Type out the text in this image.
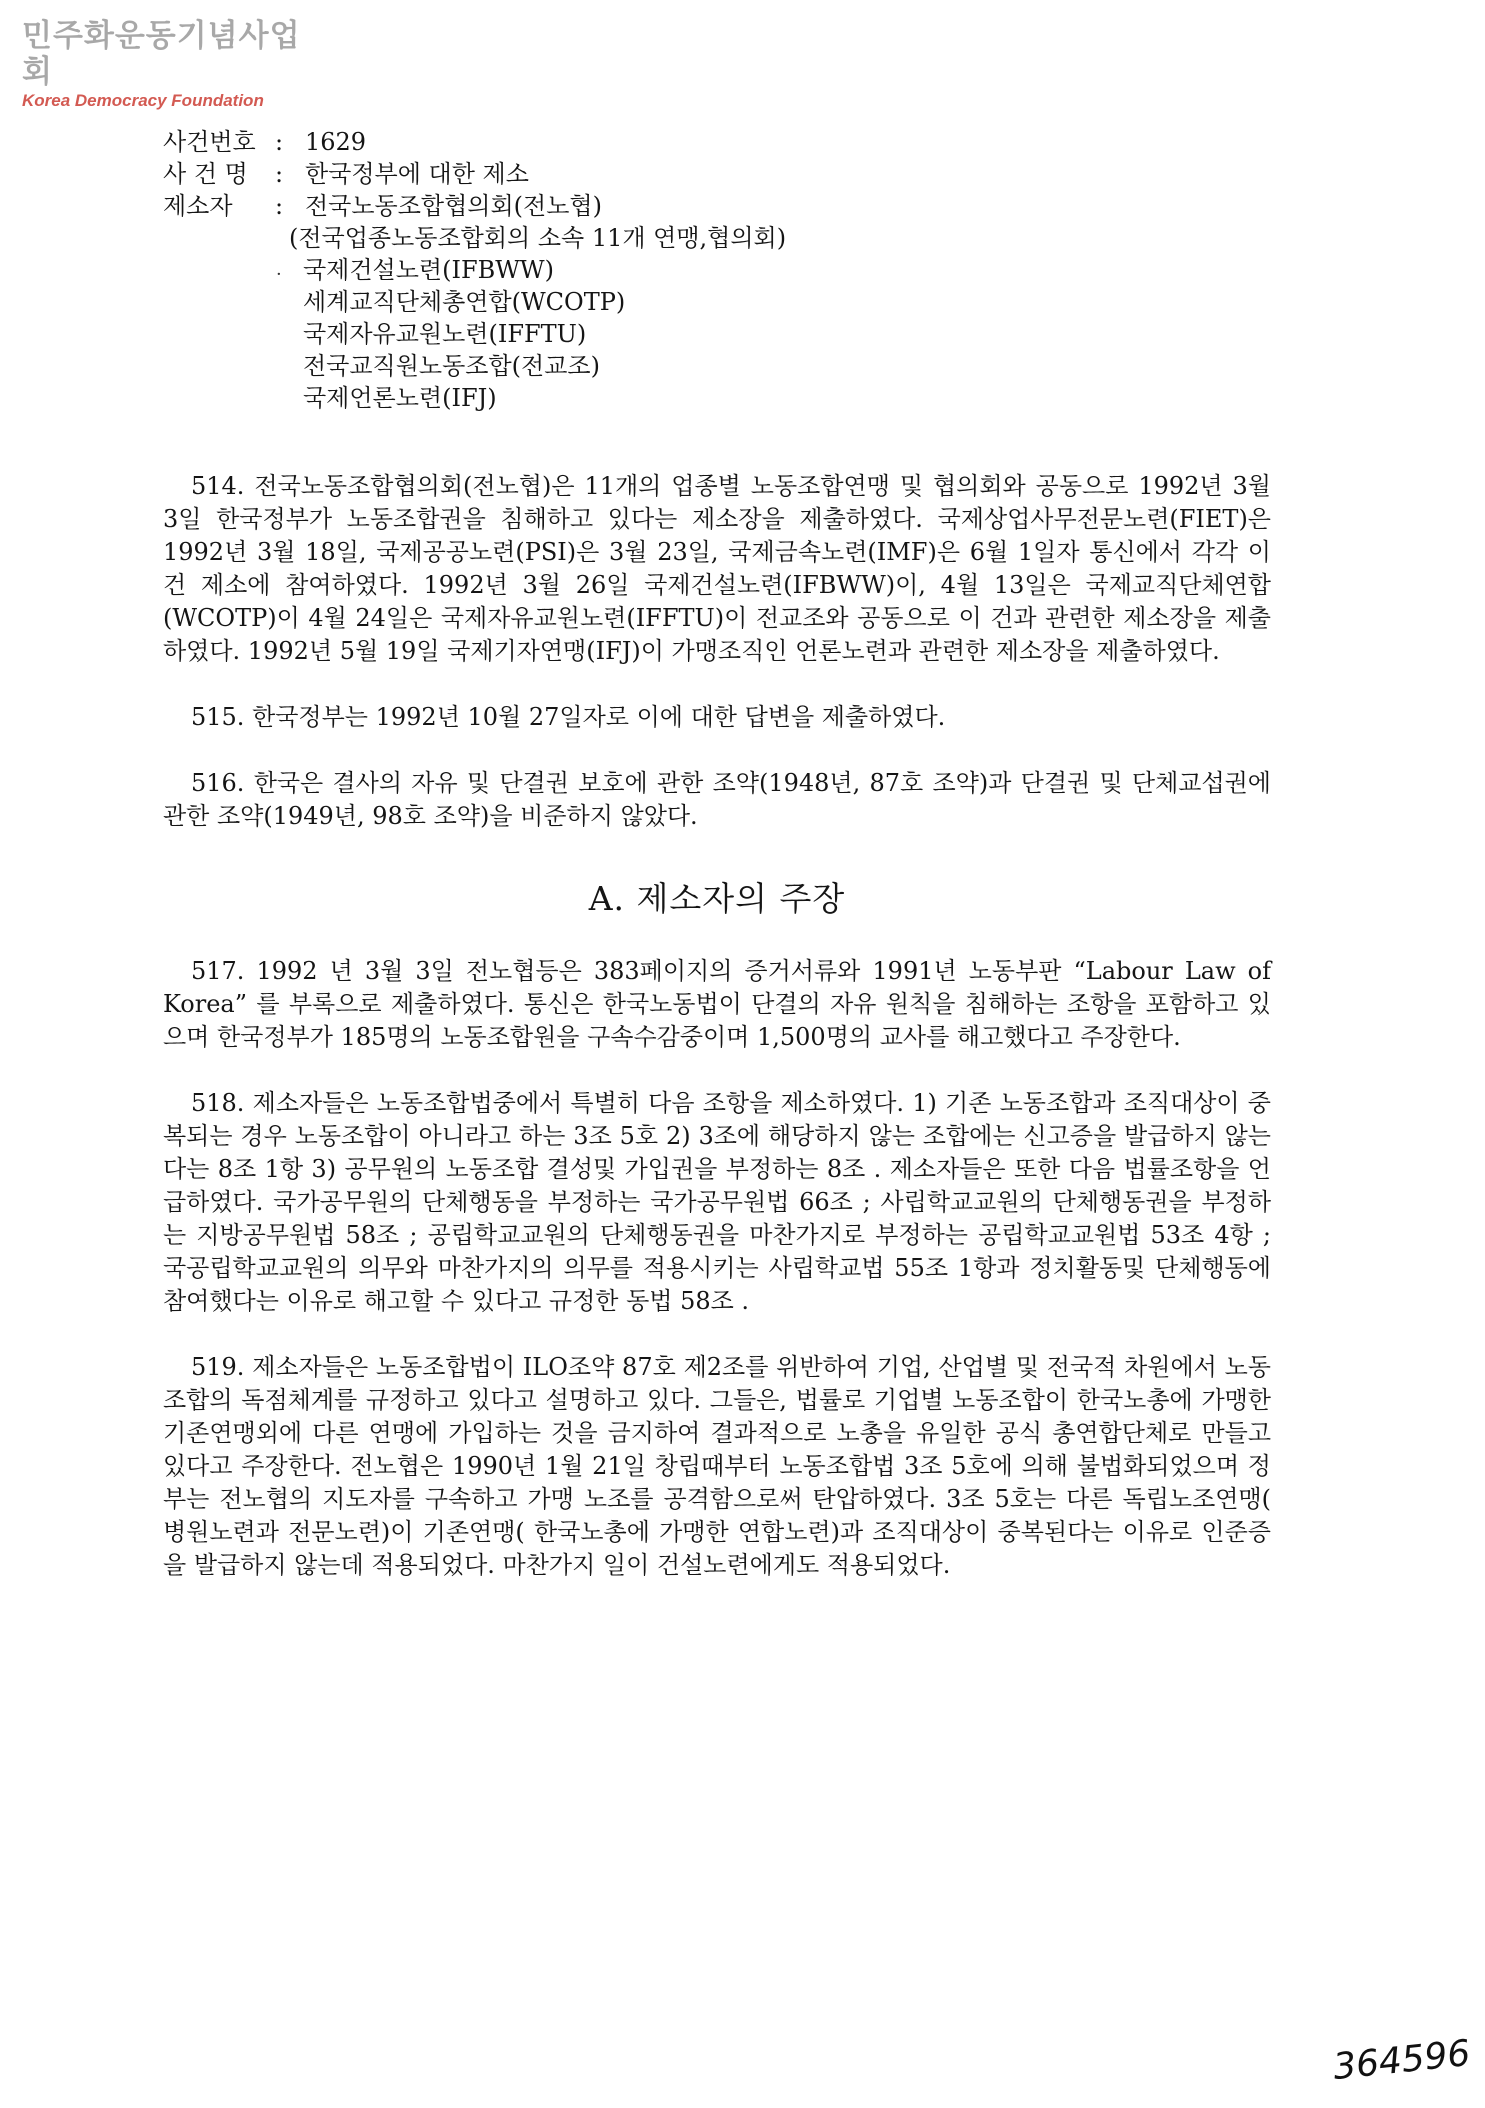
민주화운동기념사업회
Korea Democracy Foundation
사건번호 : 1629
사 건 명	: 한국정부에 대한 제소
제소자	: 전국노동조합협의회(전노협)
(전국업종노동조합회의 소속 11개 연맹,협의회)
국제건설노련(IFBWW)
세계교직단체총연합(WCOTP)
국제자유교원노련(IFFTU)
전국교직원노동조합(전교조)
국제언론노련(IFJ)
·

514. 전국노동조합협의회(전노협)은 11개의 업종별 노동조합연맹 및 협의회와 공동으로 1992년 3월 3일 한국정부가 노동조합권을 침해하고 있다는 제소장을 제출하였다. 국제상업사무전문노련(FIET)은 1992년 3월 18일, 국제공공노련(PSI)은 3월 23일, 국제금속노련(IMF)은 6월 1일자 통신에서 각각 이 건 제소에 참여하였다. 1992년 3월 26일 국제건설노련(IFBWW)이, 4월 13일은 국제교직단체연합(WCOTP)이 4월 24일은 국제자유교원노련(IFFTU)이 전교조와 공동으로 이 건과 관련한 제소장을 제출하였다. 1992년 5월 19일 국제기자연맹(IFJ)이 가맹조직인 언론노련과 관련한 제소장을 제출하였다.

515. 한국정부는 1992년 10월 27일자로 이에 대한 답변을 제출하였다.

516. 한국은 결사의 자유 및 단결권 보호에 관한 조약(1948년, 87호 조약)과 단결권 및 단체교섭권에 관한 조약(1949년, 98호 조약)을 비준하지 않았다.

A. 제소자의 주장

517. 1992 년 3월 3일 전노협등은 383페이지의 증거서류와 1991년 노동부판 “Labour Law of Korea” 를 부록으로 제출하였다. 통신은 한국노동법이 단결의 자유 원칙을 침해하는 조항을 포함하고 있으며 한국정부가 185명의 노동조합원을 구속수감중이며 1,500명의 교사를 해고했다고 주장한다.

518. 제소자들은 노동조합법중에서 특별히 다음 조항을 제소하였다. 1) 기존 노동조합과 조직대상이 중복되는 경우 노동조합이 아니라고 하는 3조 5호 2) 3조에 해당하지 않는 조합에는 신고증을 발급하지 않는다는 8조 1항 3) 공무원의 노동조합 결성및 가입권을 부정하는 8조 . 제소자들은 또한 다음 법률조항을 언급하였다. 국가공무원의 단체행동을 부정하는 국가공무원법 66조 ; 사립학교교원의 단체행동권을 부정하는 지방공무원법 58조 ; 공립학교교원의 단체행동권을 마찬가지로 부정하는 공립학교교원법 53조 4항 ; 국공립학교교원의 의무와 마찬가지의 의무를 적용시키는 사립학교법 55조 1항과 정치활동및 단체행동에 참여했다는 이유로 해고할 수 있다고 규정한 동법 58조 .

519. 제소자들은 노동조합법이 ILO조약 87호 제2조를 위반하여 기업, 산업별 및 전국적 차원에서 노동조합의 독점체계를 규정하고 있다고 설명하고 있다. 그들은, 법률로 기업별 노동조합이 한국노총에 가맹한 기존연맹외에 다른 연맹에 가입하는 것을 금지하여 결과적으로 노총을 유일한 공식 총연합단체로 만들고 있다고 주장한다. 전노협은 1990년 1월 21일 창립때부터 노동조합법 3조 5호에 의해 불법화되었으며 정부는 전노협의 지도자를 구속하고 가맹 노조를 공격함으로써 탄압하였다. 3조 5호는 다른 독립노조연맹( 병원노련과 전문노련)이 기존연맹( 한국노총에 가맹한 연합노련)과 조직대상이 중복된다는 이유로 인준증을 발급하지 않는데 적용되었다. 마찬가지 일이 건설노련에게도 적용되었다.

364596
